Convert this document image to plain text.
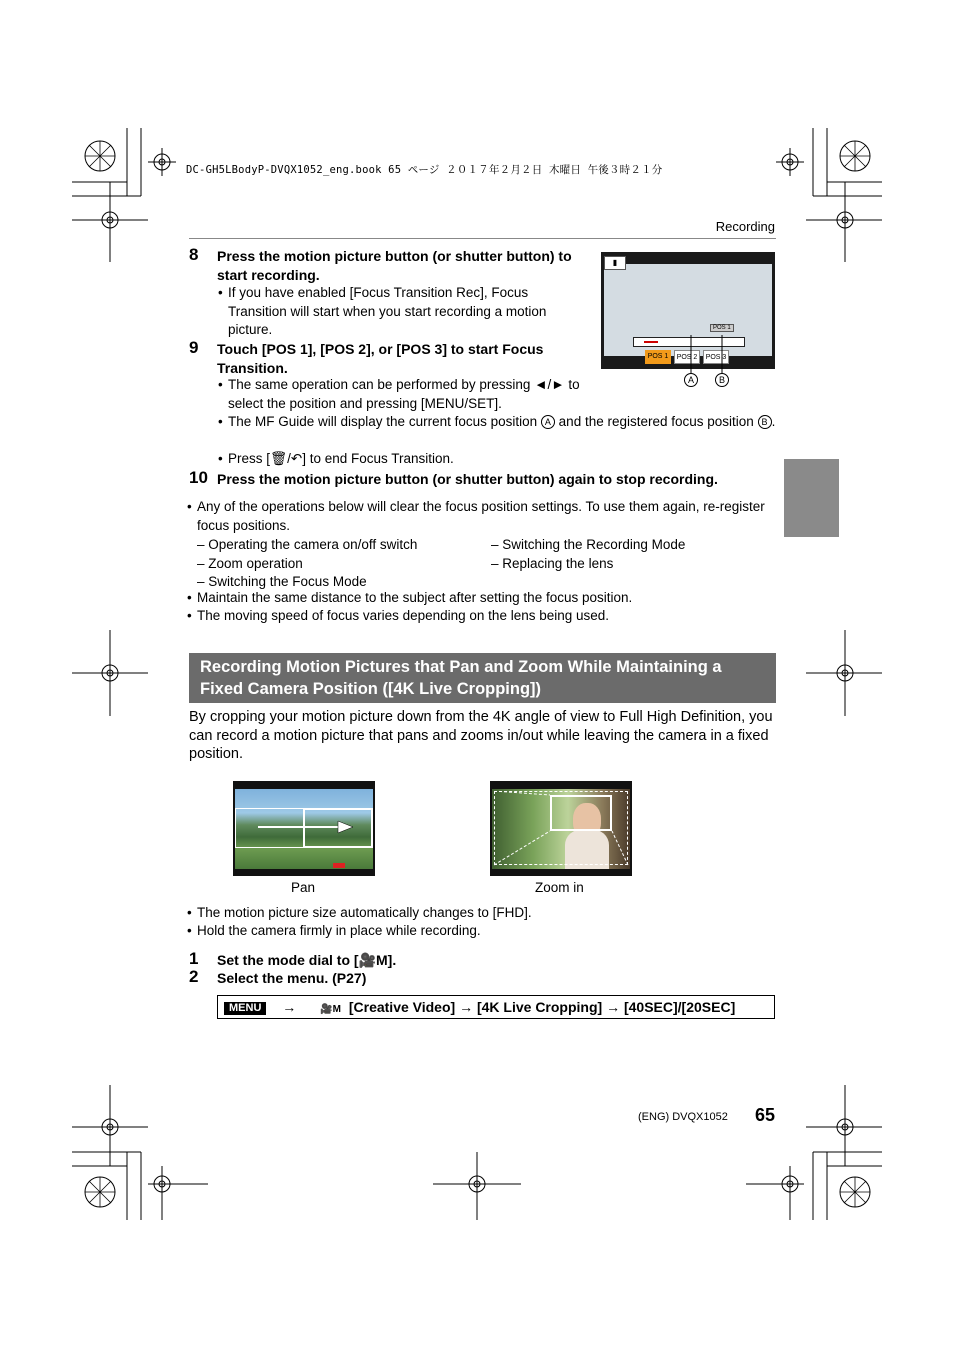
DC-GH5LBodyP-DVQX1052_eng.book 65 ページ ２０１７年２月２日 木曜日 午後３時２１分
Recording
8 Press the motion picture button (or shutter button) to start recording.
• If you have enabled [Focus Transition Rec], Focus Transition will start when you start recording a motion picture.
▮
POS 1
POS 1	POS 2	POS 3
A	B
9 Touch [POS 1], [POS 2], or [POS 3] to start Focus Transition.
• The same operation can be performed by pressing ◄/► to select the position and pressing [MENU/SET].
• The MF Guide will display the current focus position A and the registered focus position B .
• Press [🗑/↶] to end Focus Transition.
10 Press the motion picture button (or shutter button) again to stop recording.
• Any of the operations below will clear the focus position settings. To use them again, re-register focus positions.
– Operating the camera on/off switch
– Zoom operation
– Switching the Focus Mode
– Switching the Recording Mode
– Replacing the lens
• Maintain the same distance to the subject after setting the focus position.
• The moving speed of focus varies depending on the lens being used.
Recording Motion Pictures that Pan and Zoom While Maintaining a Fixed Camera Position ([4K Live Cropping])
By cropping your motion picture down from the 4K angle of view to Full High Definition, you can record a motion picture that pans and zooms in/out while leaving the camera in a fixed position.
Pan	Zoom in
• The motion picture size automatically changes to [FHD].
• Hold the camera firmly in place while recording.
1 Set the mode dial to [🎥M].
2 Select the menu. (P27)
MENU → 🎥M [Creative Video] → [4K Live Cropping] → [40SEC]/[20SEC]
(ENG) DVQX1052 65
